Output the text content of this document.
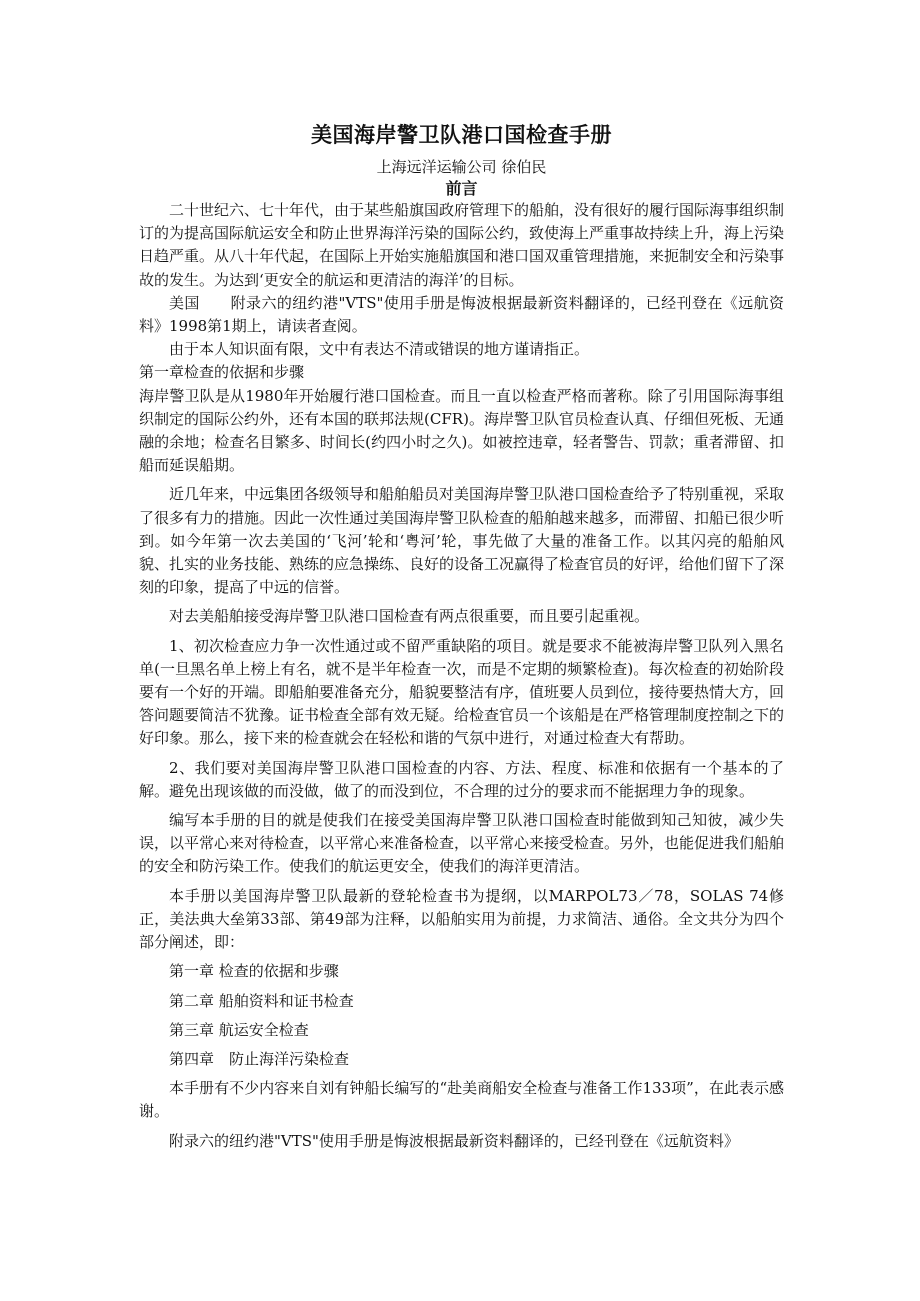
美国海岸警卫队港口国检查手册
上海远洋运输公司 徐伯民
前言

二十世纪六、七十年代，由于某些船旗国政府管理下的船舶，没有很好的履行国际海事组织制订的为提高国际航运安全和防止世界海洋污染的国际公约，致使海上严重事故持续上升，海上污染日趋严重。从八十年代起，在国际上开始实施船旗国和港口国双重管理措施，来扼制安全和污染事故的发生。为达到‘更安全的航运和更清洁的海洋’的目标。

美国　　附录六的纽约港"VTS"使用手册是悔波根据最新资料翻译的，已经刊登在《远航资料》1998第1期上，请读者查阅。

由于本人知识面有限，文中有表达不清或错误的地方谨请指正。

第一章检查的依据和步骤

海岸警卫队是从1980年开始履行港口国检查。而且一直以检查严格而著称。除了引用国际海事组织制定的国际公约外，还有本国的联邦法规(CFR)。海岸警卫队官员检查认真、仔细但死板、无通融的余地；检查名目繁多、时间长(约四小时之久)。如被控违章，轻者警告、罚款；重者滞留、扣船而延误船期。

近几年来，中远集团各级领导和船舶船员对美国海岸警卫队港口国检查给予了特别重视，采取了很多有力的措施。因此一次性通过美国海岸警卫队检查的船舶越来越多，而滞留、扣船已很少听到。如今年第一次去美国的‘飞河’轮和‘粤河’轮，事先做了大量的准备工作。以其闪亮的船舶风貌、扎实的业务技能、熟练的应急操练、良好的设备工况赢得了检查官员的好评，给他们留下了深刻的印象，提高了中远的信誉。

对去美船舶接受海岸警卫队港口国检查有两点很重要，而且要引起重视。

1、初次检查应力争一次性通过或不留严重缺陷的项目。就是要求不能被海岸警卫队列入黑名单(一旦黑名单上榜上有名，就不是半年检查一次，而是不定期的频繁检查)。每次检查的初始阶段要有一个好的开端。即船舶要准备充分，船貌要整洁有序，值班要人员到位，接待要热情大方，回答问题要简洁不犹豫。证书检查全部有效无疑。给检查官员一个该船是在严格管理制度控制之下的好印象。那么，接下来的检查就会在轻松和谐的气氛中进行，对通过检查大有帮助。

2、我们要对美国海岸警卫队港口国检查的内容、方法、程度、标准和依据有一个基本的了解。避免出现该做的而没做，做了的而没到位，不合理的过分的要求而不能据理力争的现象。

编写本手册的目的就是使我们在接受美国海岸警卫队港口国检查时能做到知己知彼，减少失误，以平常心来对待检查，以平常心来准备检查，以平常心来接受检查。另外，也能促进我们船舶的安全和防污染工作。使我们的航运更安全，使我们的海洋更清洁。

本手册以美国海岸警卫队最新的登轮检查书为提纲，以MARPOL73／78，SOLAS 74修正，美法典大垒第33部、第49部为注释，以船舶实用为前提，力求简洁、通俗。全文共分为四个部分阐述，即：

第一章 检查的依据和步骤

第二章 船舶资料和证书检查

第三章 航运安全检查

第四章　防止海洋污染检查

本手册有不少内容来自刘有钟船长编写的“赴美商船安全检查与准备工作133项”，在此表示感谢。

附录六的纽约港"VTS"使用手册是悔波根据最新资料翻译的，已经刊登在《远航资料》
